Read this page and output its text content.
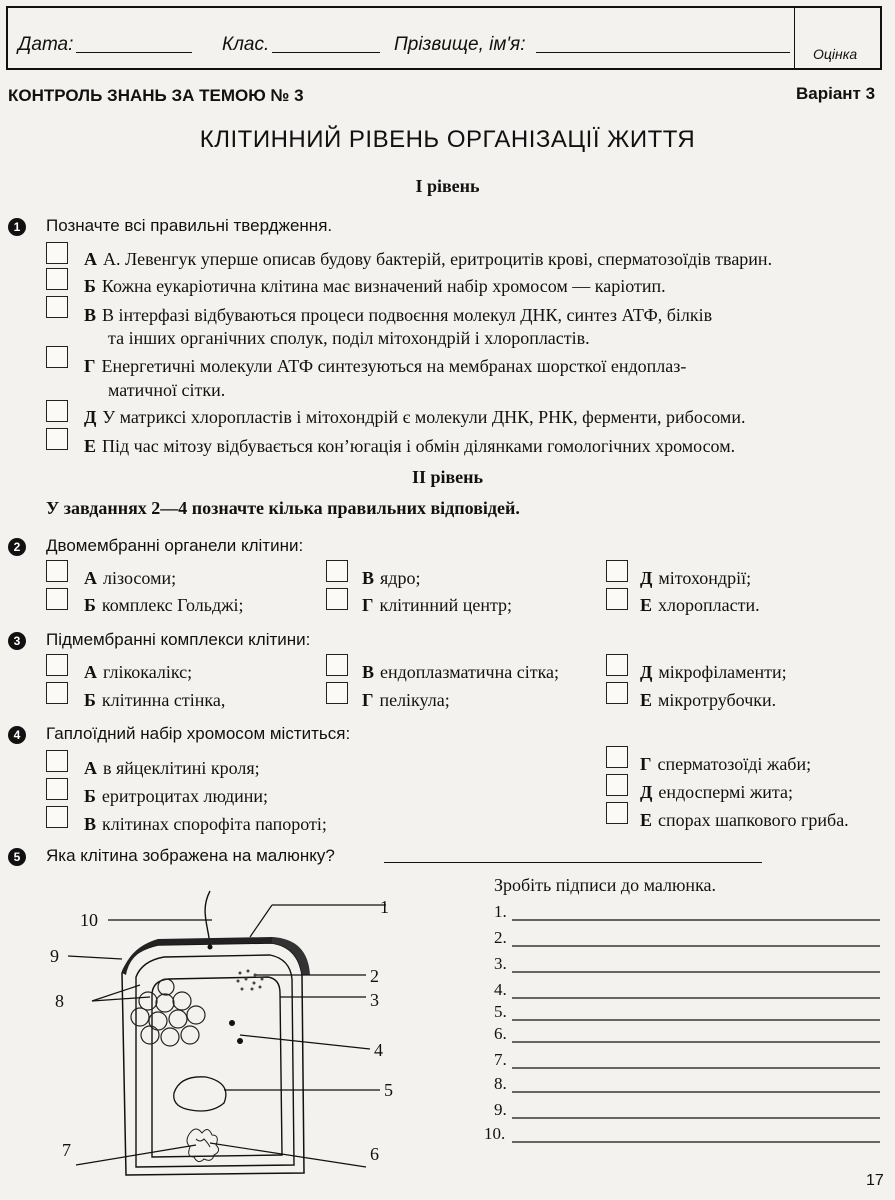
Оцінка
Дата:	Клас.	Прізвище, ім'я:
КОНТРОЛЬ ЗНАНЬ ЗА ТЕМОЮ № 3	Варіант 3
КЛІТИННИЙ РІВЕНЬ ОРГАНІЗАЦІЇ ЖИТТЯ
І рівень
1	Позначте всі правильні твердження.
А А. Левенгук уперше описав будову бактерій, еритроцитів крові, сперматозоїдів тварин.
Б Кожна еукаріотична клітина має визначений набір хромосом — каріотип.
В В інтерфазі відбуваються процеси подвоєння молекул ДНК, синтез АТФ, білків
та інших органічних сполук, поділ мітохондрій і хлоропластів.
Г Енергетичні молекули АТФ синтезуються на мембранах шорсткої ендоплаз-
матичної сітки.
Д У матриксі хлоропластів і мітохондрій є молекули ДНК, РНК, ферменти, рибосоми.
Е Під час мітозу відбувається кон’югація і обмін ділянками гомологічних хромосом.
ІІ рівень
У завданнях 2—4 позначте кілька правильних відповідей.
2	Двомембранні органели клітини:
А лізосоми;
Б комплекс Гольджі;
В ядро;
Г клітинний центр;
Д мітохондрії;
Е хлоропласти.
3	Підмембранні комплекси клітини:
А глікокалікс;
Б клітинна стінка,
В ендоплазматична сітка;
Г пелікула;
Д мікрофіламенти;
Е мікротрубочки.
4	Гаплоїдний набір хромосом міститься:
А в яйцеклітині кроля;
Б еритроцитах людини;
В клітинах спорофіта папороті;
Г сперматозоїді жаби;
Д ендоспермі жита;
Е спорах шапкового гриба.
5	Яка клітина зображена на малюнку?
Зробіть підписи до малюнка.
1.
2.
3.
4.
5.
6.
7.
8.
9.
10.
10
9
8
1
2
3
4
5
6
7
17
